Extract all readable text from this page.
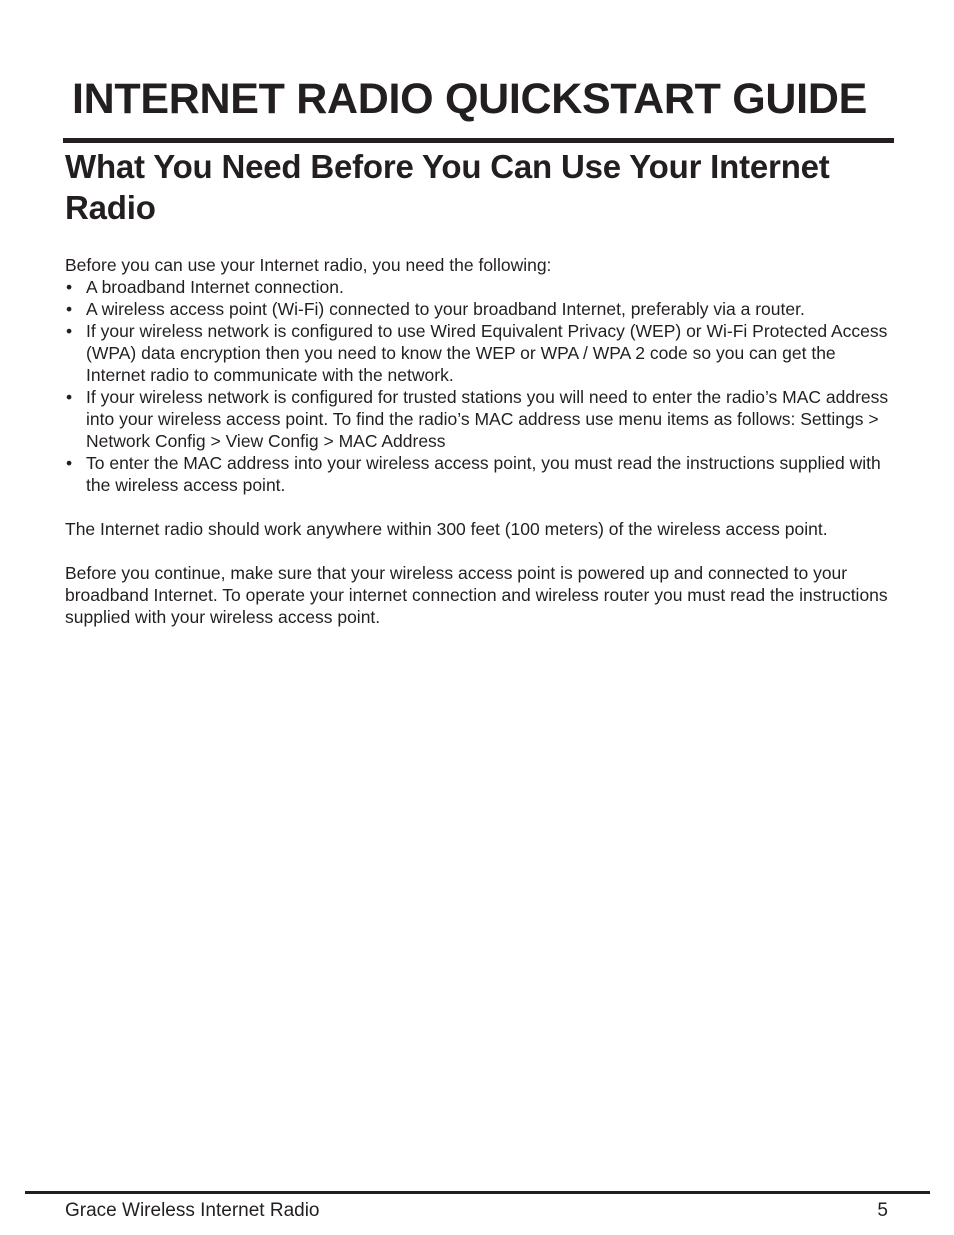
INTERNET RADIO QUICKSTART GUIDE
What You Need Before You Can Use Your Internet Radio

Before you can use your Internet radio, you need the following:

• A broadband Internet connection.
• A wireless access point (Wi-Fi) connected to your broadband Internet, preferably via a router.
• If your wireless network is configured to use Wired Equivalent Privacy (WEP) or Wi-Fi Protected Access (WPA) data encryption then you need to know the WEP or WPA / WPA 2 code so you can get the Internet radio to communicate with the network.
• If your wireless network is configured for trusted stations you will need to enter the radio’s MAC address into your wireless access point. To find the radio’s MAC address use menu items as follows: Settings > Network Config > View Config > MAC Address
• To enter the MAC address into your wireless access point, you must read the instructions supplied with the wireless access point.

The Internet radio should work anywhere within 300 feet (100 meters) of the wireless access point.

Before you continue, make sure that your wireless access point is powered up and connected to your broadband Internet. To operate your internet connection and wireless router you must read the instructions supplied with your wireless access point.

Grace Wireless Internet Radio	5
